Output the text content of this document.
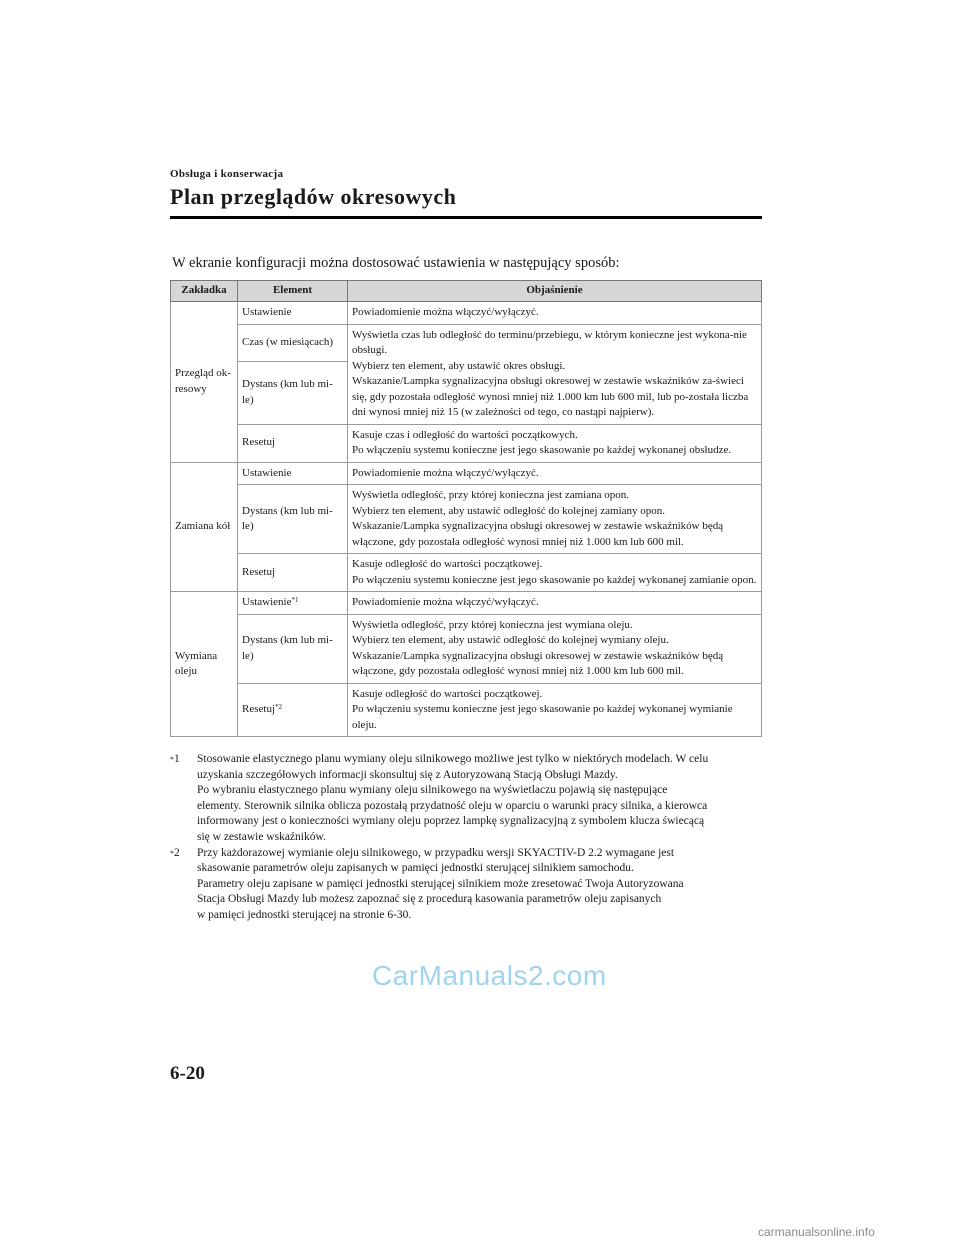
Obsługa i konserwacja
Plan przeglądów okresowych
W ekranie konfiguracji można dostosować ustawienia w następujący sposób:
Zakładka	Element	Objaśnienie
Przegląd ok-resowy	Ustawienie	Powiadomienie można włączyć/wyłączyć.

	Czas (w miesiącach)	Wyświetla czas lub odległość do terminu/przebiegu, w którym konieczne jest wykona-nie obsługi.
Wybierz ten element, aby ustawić okres obsługi.
Wskazanie/Lampka sygnalizacyjna obsługi okresowej w zestawie wskaźników za-świeci się, gdy pozostała odległość wynosi mniej niż 1.000 km lub 600 mil, lub po-została liczba dni wynosi mniej niż 15 (w zależności od tego, co nastąpi najpierw).

	Dystans (km lub mi-le)	
	Resetuj	Kasuje czas i odległość do wartości początkowych.
Po włączeniu systemu konieczne jest jego skasowanie po każdej wykonanej obsłudze.

Zamiana kół	Ustawienie	Powiadomienie można włączyć/wyłączyć.

	Dystans (km lub mi-le)	Wyświetla odległość, przy której konieczna jest zamiana opon.
Wybierz ten element, aby ustawić odległość do kolejnej zamiany opon.
Wskazanie/Lampka sygnalizacyjna obsługi okresowej w zestawie wskaźników będą włączone, gdy pozostała odległość wynosi mniej niż 1.000 km lub 600 mil.

	Resetuj	Kasuje odległość do wartości początkowej.
Po włączeniu systemu konieczne jest jego skasowanie po każdej wykonanej zamianie opon.

Wymiana oleju	Ustawienie$^{*1}$	Powiadomienie można włączyć/wyłączyć.

	Dystans (km lub mi-le)	Wyświetla odległość, przy której konieczna jest wymiana oleju.
Wybierz ten element, aby ustawić odległość do kolejnej wymiany oleju.
Wskazanie/Lampka sygnalizacyjna obsługi okresowej w zestawie wskaźników będą włączone, gdy pozostała odległość wynosi mniej niż 1.000 km lub 600 mil.

	Resetuj$^{*2}$	Kasuje odległość do wartości początkowej.
Po włączeniu systemu konieczne jest jego skasowanie po każdej wykonanej wymianie oleju.
*1 Stosowanie elastycznego planu wymiany oleju silnikowego możliwe jest tylko w niektórych modelach. W celu
uzyskania szczegółowych informacji skonsultuj się z Autoryzowaną Stacją Obsługi Mazdy.
Po wybraniu elastycznego planu wymiany oleju silnikowego na wyświetlaczu pojawią się następujące
elementy. Sterownik silnika oblicza pozostałą przydatność oleju w oparciu o warunki pracy silnika, a kierowca
informowany jest o konieczności wymiany oleju poprzez lampkę sygnalizacyjną z symbolem klucza świecącą
się w zestawie wskaźników.
*2 Przy każdorazowej wymianie oleju silnikowego, w przypadku wersji SKYACTIV-D 2.2 wymagane jest
skasowanie parametrów oleju zapisanych w pamięci jednostki sterującej silnikiem samochodu.
Parametry oleju zapisane w pamięci jednostki sterującej silnikiem może zresetować Twoja Autoryzowana
Stacja Obsługi Mazdy lub możesz zapoznać się z procedurą kasowania parametrów oleju zapisanych
w pamięci jednostki sterującej na stronie 6-30.
CarManuals2.com
6-20
carmanualsonline.info
